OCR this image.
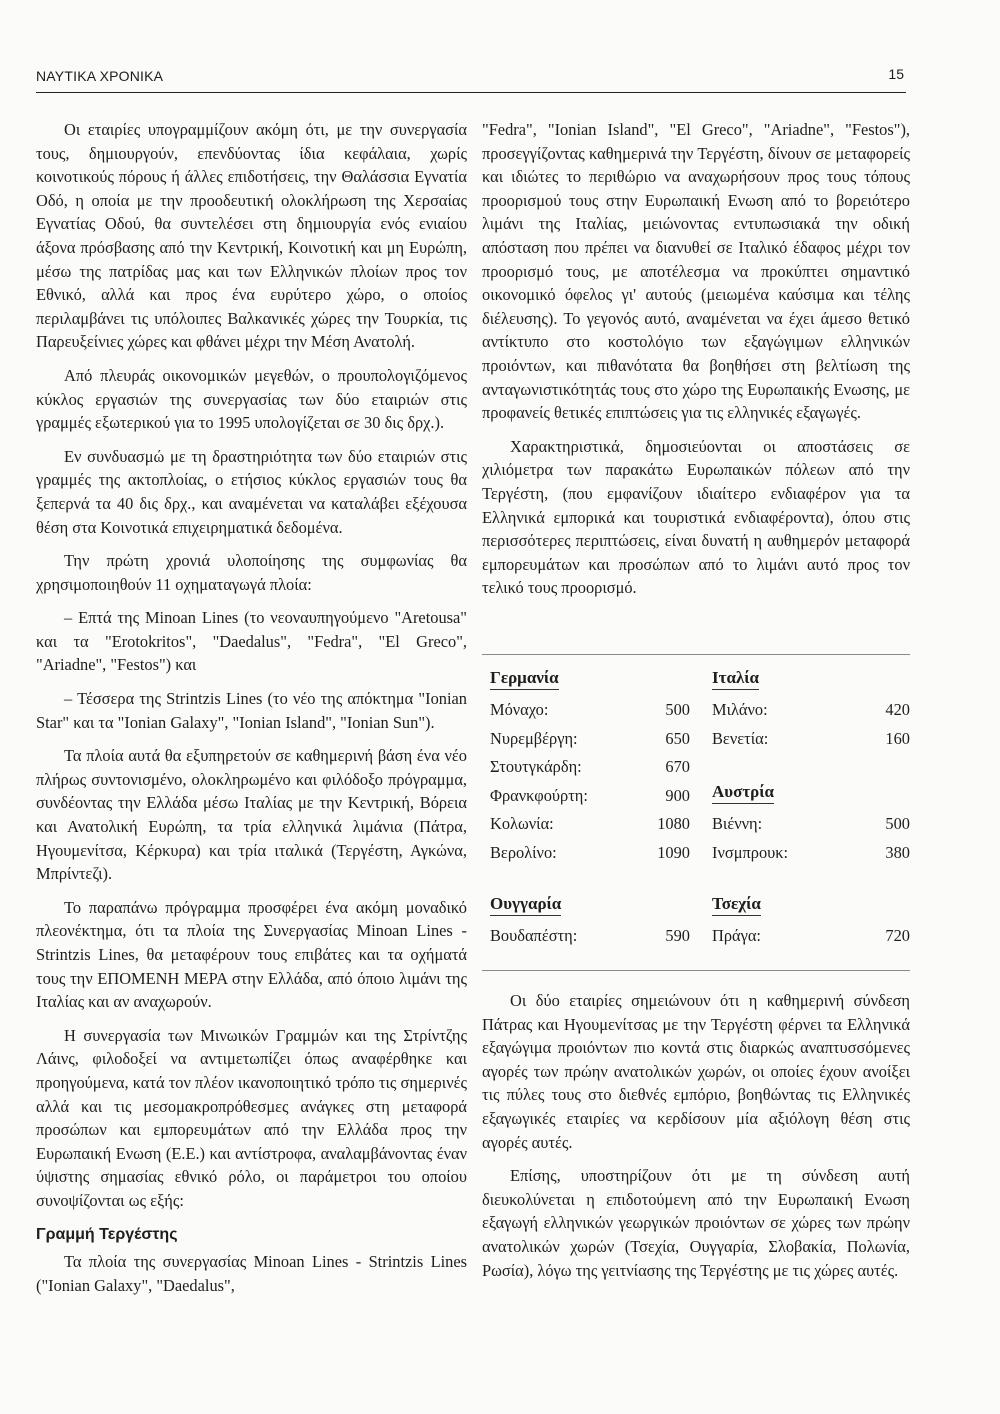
ΝΑΥΤΙΚΑ ΧΡΟΝΙΚΑ	15

Οι εταιρίες υπογραμμίζουν ακόμη ότι, με την συνεργασία τους, δημιουργούν, επενδύοντας ίδια κεφάλαια, χωρίς κοινοτικούς πόρους ή άλλες επιδοτήσεις, την Θαλάσσια Εγνατία Οδό, η οποία με την προοδευτική ολοκλήρωση της Χερσαίας Εγνατίας Οδού, θα συντελέσει στη δημιουργία ενός ενιαίου άξονα πρόσβασης από την Κεντρική, Κοινοτική και μη Ευρώπη, μέσω της πατρίδας μας και των Ελληνικών πλοίων προς τον Εθνικό, αλλά και προς ένα ευρύτερο χώρο, ο οποίος περιλαμβάνει τις υπόλοιπες Βαλκανικές χώρες την Τουρκία, τις Παρευξείνιες χώρες και φθάνει μέχρι την Μέση Ανατολή.

Από πλευράς οικονομικών μεγεθών, ο προυπολογιζόμενος κύκλος εργασιών της συνεργασίας των δύο εταιριών στις γραμμές εξωτερικού για το 1995 υπολογίζεται σε 30 δις δρχ.).

Εν συνδυασμώ με τη δραστηριότητα των δύο εταιριών στις γραμμές της ακτοπλοίας, ο ετήσιος κύκλος εργασιών τους θα ξεπερνά τα 40 δις δρχ., και αναμένεται να καταλάβει εξέχουσα θέση στα Κοινοτικά επιχειρηματικά δεδομένα.

Την πρώτη χρονιά υλοποίησης της συμφωνίας θα χρησιμοποιηθούν 11 οχηματαγωγά πλοία:

– Επτά της Minoan Lines (το νεοναυπηγούμενο "Aretousa" και τα "Erotokritos", "Daedalus", "Fedra", "El Greco", "Ariadne", "Festos") και

– Τέσσερα της Strintzis Lines (το νέο της απόκτημα "Ionian Star" και τα "Ionian Galaxy", "Ionian Island", "Ionian Sun").

Τα πλοία αυτά θα εξυπηρετούν σε καθημερινή βάση ένα νέο πλήρως συντονισμένο, ολοκληρωμένο και φιλόδοξο πρόγραμμα, συνδέοντας την Ελλάδα μέσω Ιταλίας με την Κεντρική, Βόρεια και Ανατολική Ευρώπη, τα τρία ελληνικά λιμάνια (Πάτρα, Ηγουμενίτσα, Κέρκυρα) και τρία ιταλικά (Τεργέστη, Αγκώνα, Μπρίντεζι).

Το παραπάνω πρόγραμμα προσφέρει ένα ακόμη μοναδικό πλεονέκτημα, ότι τα πλοία της Συνεργασίας Minoan Lines - Strintzis Lines, θα μεταφέρουν τους επιβάτες και τα οχήματά τους την ΕΠΟΜΕΝΗ ΜΕΡΑ στην Ελλάδα, από όποιο λιμάνι της Ιταλίας και αν αναχωρούν.

Η συνεργασία των Μινωικών Γραμμών και της Στρίντζης Λάινς, φιλοδοξεί να αντιμετωπίζει όπως αναφέρθηκε και προηγούμενα, κατά τον πλέον ικανοποιητικό τρόπο τις σημερινές αλλά και τις μεσομακροπρόθεσμες ανάγκες στη μεταφορά προσώπων και εμπορευμάτων από την Ελλάδα προς την Ευρωπαική Ενωση (Ε.Ε.) και αντίστροφα, αναλαμβάνοντας έναν ύψιστης σημασίας εθνικό ρόλο, οι παράμετροι του οποίου συνοψίζονται ως εξής:

Γραμμή Τεργέστης

Τα πλοία της συνεργασίας Minoan Lines - Strintzis Lines ("Ionian Galaxy", "Daedalus",

"Fedra", "Ionian Island", "El Greco", "Ariadne", "Festos"), προσεγγίζοντας καθημερινά την Τεργέστη, δίνουν σε μεταφορείς και ιδιώτες το περιθώριο να αναχωρήσουν προς τους τόπους προορισμού τους στην Ευρωπαική Ενωση από το βορειότερο λιμάνι της Ιταλίας, μειώνοντας εντυπωσιακά την οδική απόσταση που πρέπει να διανυθεί σε Ιταλικό έδαφος μέχρι τον προορισμό τους, με αποτέλεσμα να προκύπτει σημαντικό οικονομικό όφελος γι' αυτούς (μειωμένα καύσιμα και τέλης διέλευσης). Το γεγονός αυτό, αναμένεται να έχει άμεσο θετικό αντίκτυπο στο κοστολόγιο των εξαγώγιμων ελληνικών προιόντων, και πιθανότατα θα βοηθήσει στη βελτίωση της ανταγωνιστικότητάς τους στο χώρο της Ευρωπαικής Ενωσης, με προφανείς θετικές επιπτώσεις για τις ελληνικές εξαγωγές.

Χαρακτηριστικά, δημοσιεύονται οι αποστάσεις σε χιλιόμετρα των παρακάτω Ευρωπαικών πόλεων από την Τεργέστη, (που εμφανίζουν ιδιαίτερο ενδιαφέρον για τα Ελληνικά εμπορικά και τουριστικά ενδιαφέροντα), όπου στις περισσότερες περιπτώσεις, είναι δυνατή η αυθημερόν μεταφορά εμπορευμάτων και προσώπων από το λιμάνι αυτό προς τον τελικό τους προορισμό.

Γερμανία
Μόναχο:	500
Νυρεμβέργη:	650
Στουτγκάρδη:	670
Φρανκφούρτη:	900
Κολωνία:	1080
Βερολίνο:	1090
Ιταλία
Μιλάνο:	420
Βενετία:	160
Αυστρία
Βιέννη:	500
Ινσμπρουκ:	380
Ουγγαρία
Βουδαπέστη:	590
Τσεχία
Πράγα:	720

Οι δύο εταιρίες σημειώνουν ότι η καθημερινή σύνδεση Πάτρας και Ηγουμενίτσας με την Τεργέστη φέρνει τα Ελληνικά εξαγώγιμα προιόντων πιο κοντά στις διαρκώς αναπτυσσόμενες αγορές των πρώην ανατολικών χωρών, οι οποίες έχουν ανοίξει τις πύλες τους στο διεθνές εμπόριο, βοηθώντας τις Ελληνικές εξαγωγικές εταιρίες να κερδίσουν μία αξιόλογη θέση στις αγορές αυτές.

Επίσης, υποστηρίζουν ότι με τη σύνδεση αυτή διευκολύνεται η επιδοτούμενη από την Ευρωπαική Ενωση εξαγωγή ελληνικών γεωργικών προιόντων σε χώρες των πρώην ανατολικών χωρών (Τσεχία, Ουγγαρία, Σλοβακία, Πολωνία, Ρωσία), λόγω της γειτνίασης της Τεργέστης με τις χώρες αυτές.
